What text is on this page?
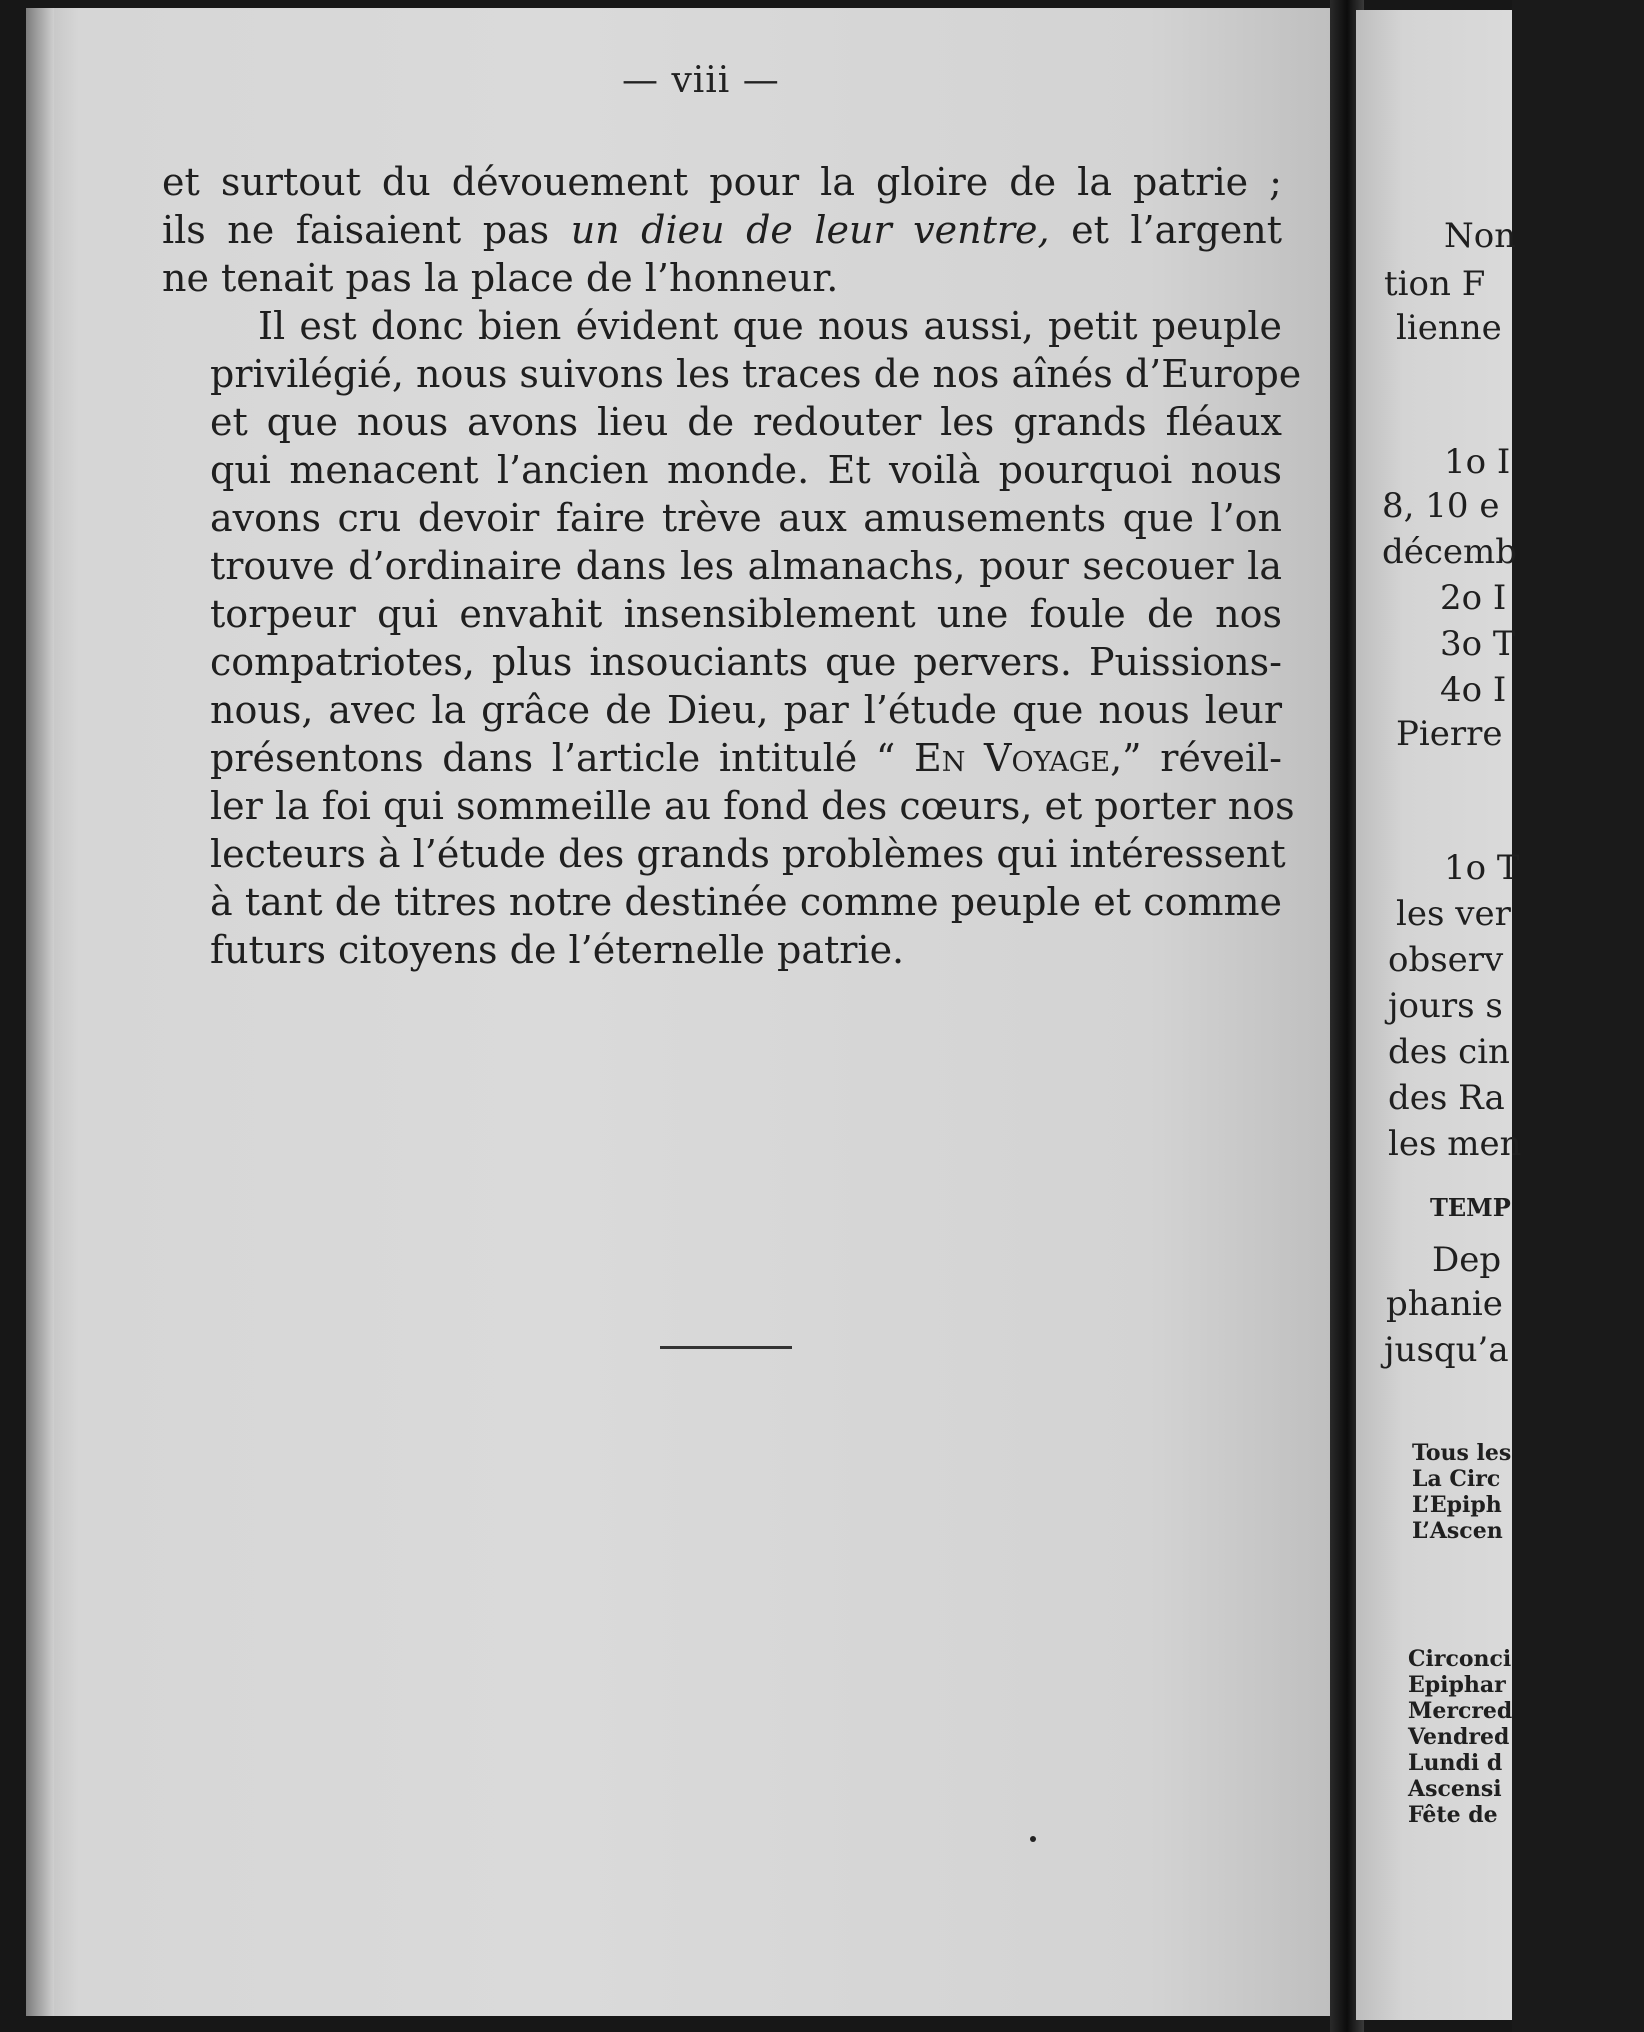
— viii —

et surtout du dévouement pour la gloire de la patrie ;
ils ne faisaient pas un dieu de leur ventre, et l’argent
ne tenait pas la place de l’honneur.

Il est donc bien évident que nous aussi, petit peuple
privilégié, nous suivons les traces de nos aînés d’Europe
et que nous avons lieu de redouter les grands fléaux
qui menacent l’ancien monde. Et voilà pourquoi nous
avons cru devoir faire trève aux amusements que l’on
trouve d’ordinaire dans les almanachs, pour secouer la
torpeur qui envahit insensiblement une foule de nos
compatriotes, plus insouciants que pervers. Puissions-
nous, avec la grâce de Dieu, par l’étude que nous leur
présentons dans l’article intitulé “ En Voyage,” réveil-
ler la foi qui sommeille au fond des cœurs, et porter nos
lecteurs à l’étude des grands problèmes qui intéressent
à tant de titres notre destinée comme peuple et comme
futurs citoyens de l’éternelle patrie.

Non
tion F
lienne
1o I
8, 10 e
décemb
2o I
3o T
4o I
Pierre
1o T
les ver
observ
jours s
des cin
des Ra
les men
TEMP
Dep
phanie
jusqu’a
Tous les
La Circ
L’Epiph
L’Ascen
Circonci
Epiphar
Mercred
Vendred
Lundi d
Ascensi
Fête de
